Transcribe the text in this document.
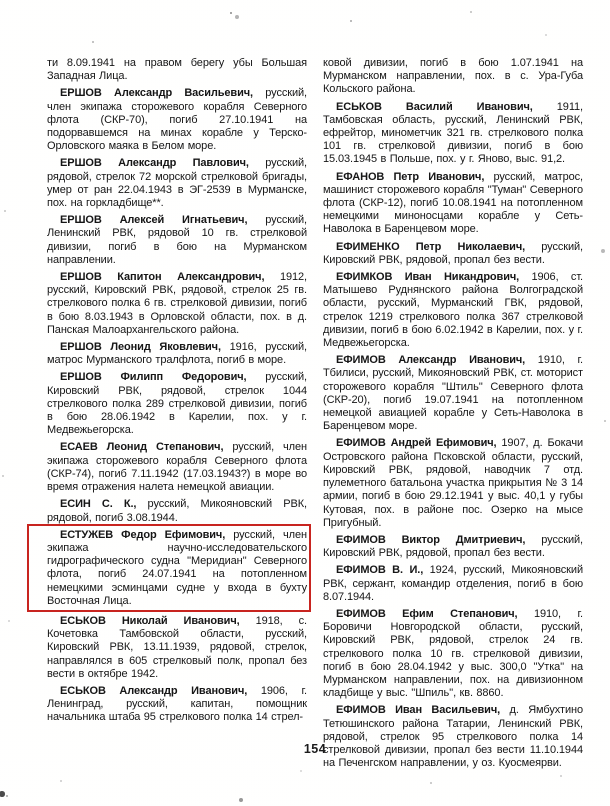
ти 8.09.1941 на правом берегу убы Большая Западная Лица.

ЕРШОВ Александр Васильевич, русский, член экипажа сторожевого корабля Северного флота (СКР-70), погиб 27.10.1941 на подорвавшемся на минах корабле у Терско-Орловского маяка в Белом море.

ЕРШОВ Александр Павлович, русский, рядовой, стрелок 72 морской стрелковой бригады, умер от ран 22.04.1943 в ЭГ-2539 в Мурманске, пох. на горкладбище**.

ЕРШОВ Алексей Игнатьевич, русский, Ленинский РВК, рядовой 10 гв. стрелковой дивизии, погиб в бою на Мурманском направлении.

ЕРШОВ Капитон Александрович, 1912, русский, Кировский РВК, рядовой, стрелок 25 гв. стрелкового полка 6 гв. стрелковой дивизии, погиб в бою 8.03.1943 в Орловской области, пох. в д. Панская Малоархангельского района.

ЕРШОВ Леонид Яковлевич, 1916, русский, матрос Мурманского тралфлота, погиб в море.

ЕРШОВ Филипп Федорович, русский, Кировский РВК, рядовой, стрелок 1044 стрелкового полка 289 стрелковой дивизии, погиб в бою 28.06.1942 в Карелии, пох. у г. Медвежьегорска.

ЕСАЕВ Леонид Степанович, русский, член экипажа сторожевого корабля Северного флота (СКР-74), погиб 7.11.1942 (17.03.1943?) в море во время отражения налета немецкой авиации.

ЕСИН С. К., русский, Микояновский РВК, рядовой, погиб 3.08.1944.

ЕСТУЖЕВ Федор Ефимович, русский, член экипажа научно-исследовательского гидрографического судна ''Меридиан'' Северного флота, погиб 24.07.1941 на потопленном немецкими эсминцами судне у входа в бухту Восточная Лица.

ЕСЬКОВ Николай Иванович, 1918, с. Кочетовка Тамбовской области, русский, Кировский РВК, 13.11.1939, рядовой, стрелок, направлялся в 605 стрелковый полк, пропал без вести в октябре 1942.

ЕСЬКОВ Александр Иванович, 1906, г. Ленинград, русский, капитан, помощник начальника штаба 95 стрелкового полка 14 стрел-

ковой дивизии, погиб в бою 1.07.1941 на Мурманском направлении, пох. в с. Ура-Губа Кольского района.

ЕСЬКОВ Василий Иванович, 1911, Тамбовская область, русский, Ленинский РВК, ефрейтор, минометчик 321 гв. стрелкового полка 101 гв. стрелковой дивизии, погиб в бою 15.03.1945 в Польше, пох. у г. Яново, выс. 91,2.

ЕФАНОВ Петр Иванович, русский, матрос, машинист сторожевого корабля ''Туман'' Северного флота (СКР-12), погиб 10.08.1941 на потопленном немецкими миноносцами корабле у Сеть-Наволока в Баренцевом море.

ЕФИМЕНКО Петр Николаевич, русский, Кировский РВК, рядовой, пропал без вести.

ЕФИМКОВ Иван Никандрович, 1906, ст. Матышево Руднянского района Волгоградской области, русский, Мурманский ГВК, рядовой, стрелок 1219 стрелкового полка 367 стрелковой дивизии, погиб в бою 6.02.1942 в Карелии, пох. у г. Медвежьегорска.

ЕФИМОВ Александр Иванович, 1910, г. Тбилиси, русский, Микояновский РВК, ст. моторист сторожевого корабля ''Штиль'' Северного флота (СКР-20), погиб 19.07.1941 на потопленном немецкой авиацией корабле у Сеть-Наволока в Баренцевом море.

ЕФИМОВ Андрей Ефимович, 1907, д. Бокачи Островского района Псковской области, русский, Кировский РВК, рядовой, наводчик 7 отд. пулеметного батальона участка прикрытия № 3 14 армии, погиб в бою 29.12.1941 у выс. 40,1 у губы Кутовая, пох. в районе пос. Озерко на мысе Пригубный.

ЕФИМОВ Виктор Дмитриевич, русский, Кировский РВК, рядовой, пропал без вести.

ЕФИМОВ В. И., 1924, русский, Микояновский РВК, сержант, командир отделения, погиб в бою 8.07.1944.

ЕФИМОВ Ефим Степанович, 1910, г. Боровичи Новгородской области, русский, Кировский РВК, рядовой, стрелок 24 гв. стрелкового полка 10 гв. стрелковой дивизии, погиб в бою 28.04.1942 у выс. 300,0 ''Утка'' на Мурманском направлении, пох. на дивизионном кладбище у выс. ''Шпиль'', кв. 8860.

ЕФИМОВ Иван Васильевич, д. Ямбухтино Тетюшинского района Татарии, Ленинский РВК, рядовой, стрелок 95 стрелкового полка 14 стрелковой дивизии, пропал без вести 11.10.1944 на Печенгском направлении, у оз. Куосмеярви.

154
